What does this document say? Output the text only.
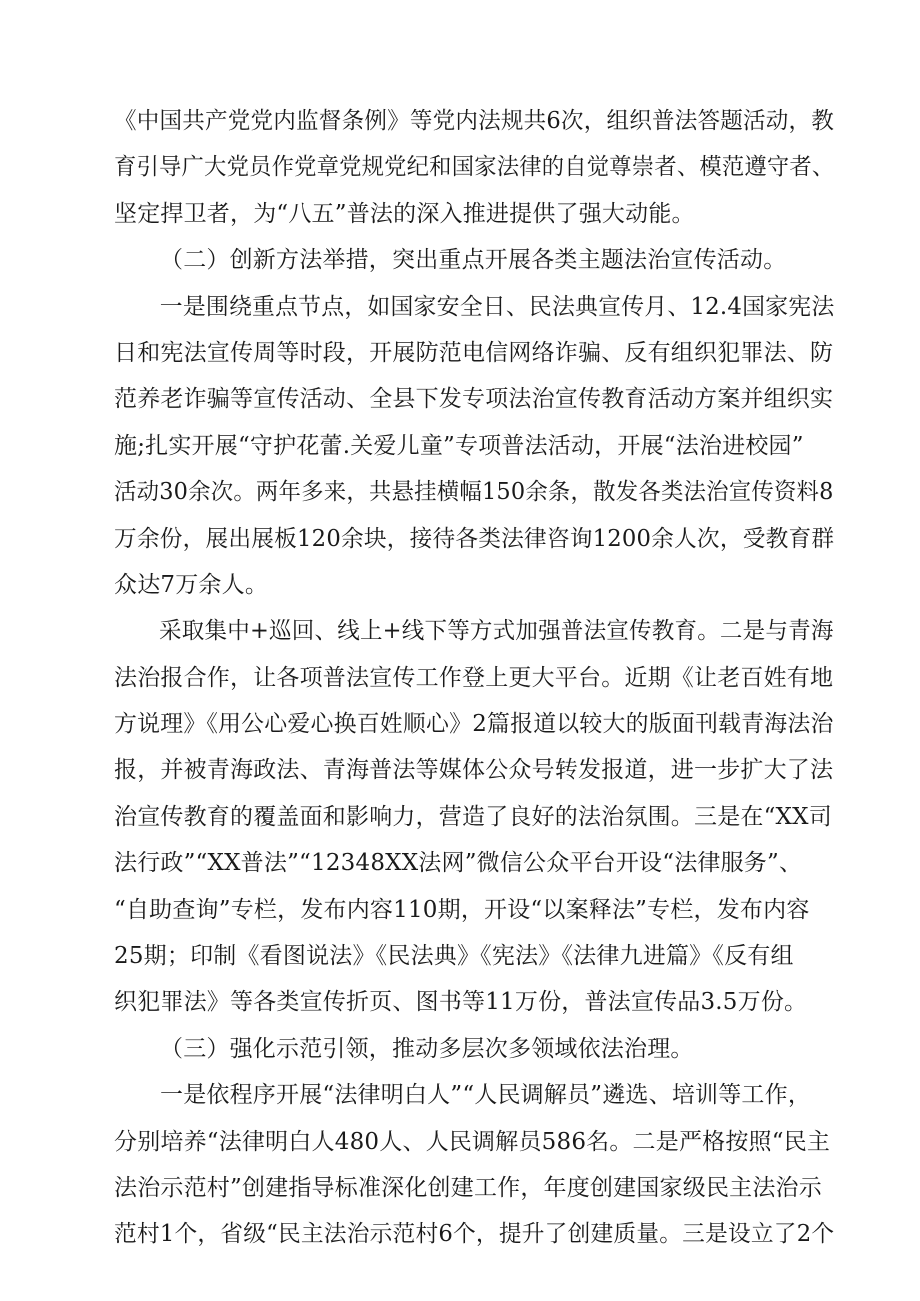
《中国共产党党内监督条例》等党内法规共6次，组织普法答题活动，教
育引导广大党员作党章党规党纪和国家法律的自觉尊崇者、模范遵守者、
坚定捍卫者，为“八五”普法的深入推进提供了强大动能。
（二）创新方法举措，突出重点开展各类主题法治宣传活动。
一是围绕重点节点，如国家安全日、民法典宣传月、12.4国家宪法
日和宪法宣传周等时段，开展防范电信网络诈骗、反有组织犯罪法、防
范养老诈骗等宣传活动、全县下发专项法治宣传教育活动方案并组织实
施;扎实开展“守护花蕾.关爱儿童”专项普法活动，开展“法治进校园”
活动30余次。两年多来，共悬挂横幅150余条，散发各类法治宣传资料8
万余份，展出展板120余块，接待各类法律咨询1200余人次，受教育群
众达7万余人。
采取集中+巡回、线上+线下等方式加强普法宣传教育。二是与青海
法治报合作，让各项普法宣传工作登上更大平台。近期《让老百姓有地
方说理》《用公心爱心换百姓顺心》2篇报道以较大的版面刊载青海法治
报，并被青海政法、青海普法等媒体公众号转发报道，进一步扩大了法
治宣传教育的覆盖面和影响力，营造了良好的法治氛围。三是在“XX司
法行政”“XX普法”“12348XX法网”微信公众平台开设“法律服务”、
“自助查询”专栏，发布内容110期，开设“以案释法”专栏，发布内容
25期；印制《看图说法》《民法典》《宪法》《法律九进篇》《反有组
织犯罪法》等各类宣传折页、图书等11万份，普法宣传品3.5万份。
（三）强化示范引领，推动多层次多领域依法治理。
一是依程序开展“法律明白人”“人民调解员”遴选、培训等工作，
分别培养“法律明白人480人、人民调解员586名。二是严格按照“民主
法治示范村”创建指导标准深化创建工作，年度创建国家级民主法治示
范村1个，省级“民主法治示范村6个，提升了创建质量。三是设立了2个
